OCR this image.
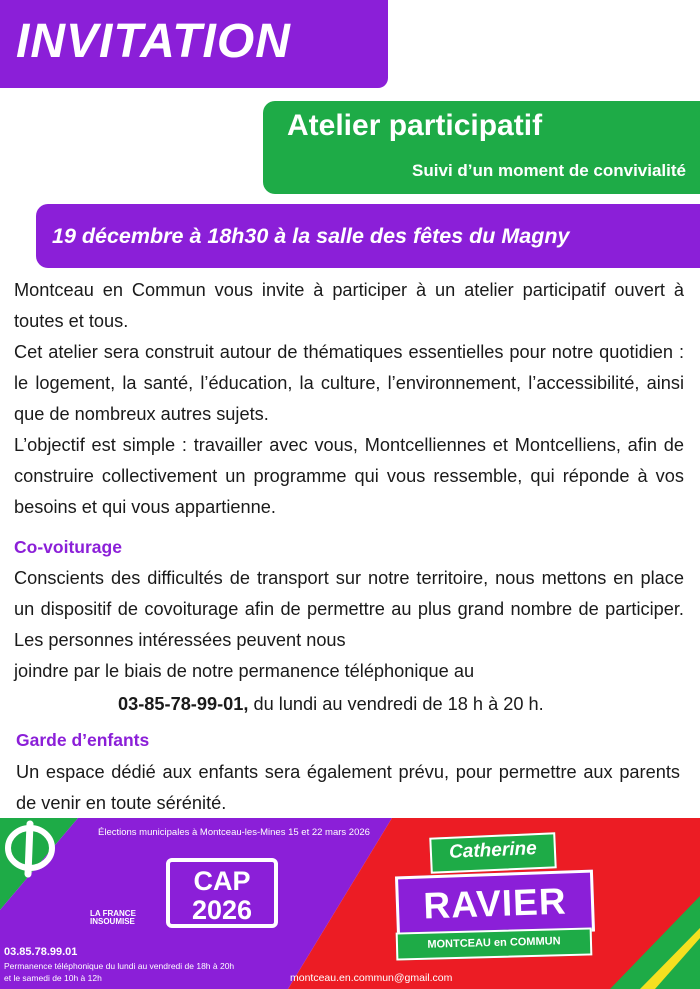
INVITATION
Atelier participatif
Suivi d’un moment de convivialité
19 décembre à 18h30 à la salle des fêtes du Magny

Montceau en Commun vous invite à participer à un atelier participatif ouvert à toutes et tous.

Cet atelier sera construit autour de thématiques essentielles pour notre quotidien : le logement, la santé, l’éducation, la culture, l’environnement, l’accessibilité, ainsi que de nombreux autres sujets.

L’objectif est simple : travailler avec vous, Montcelliennes et Montcelliens, afin de construire collectivement un programme qui vous ressemble, qui réponde à vos besoins et qui vous appartienne.

Co-voiturage

Conscients des difficultés de transport sur notre territoire, nous mettons en place un dispositif de covoiturage afin de permettre au plus grand nombre de participer. Les personnes intéressées peuvent nous

joindre par le biais de notre permanence téléphonique au
03-85-78-99-01, du lundi au vendredi de 18 h à 20 h.
Garde d’enfants

Un espace dédié aux enfants sera également prévu, pour permettre aux parents de venir en toute sérénité.

Élections municipales à Montceau-les-Mines 15 et 22 mars 2026
LA FRANCE INSOUMISE
CAP
2026
03.85.78.99.01
Permanence téléphonique du lundi au vendredi de 18h à 20h
et le samedi de 10h à 12h
Catherine
RAVIER
MONTCEAU en COMMUN
montceau.en.commun@gmail.com
